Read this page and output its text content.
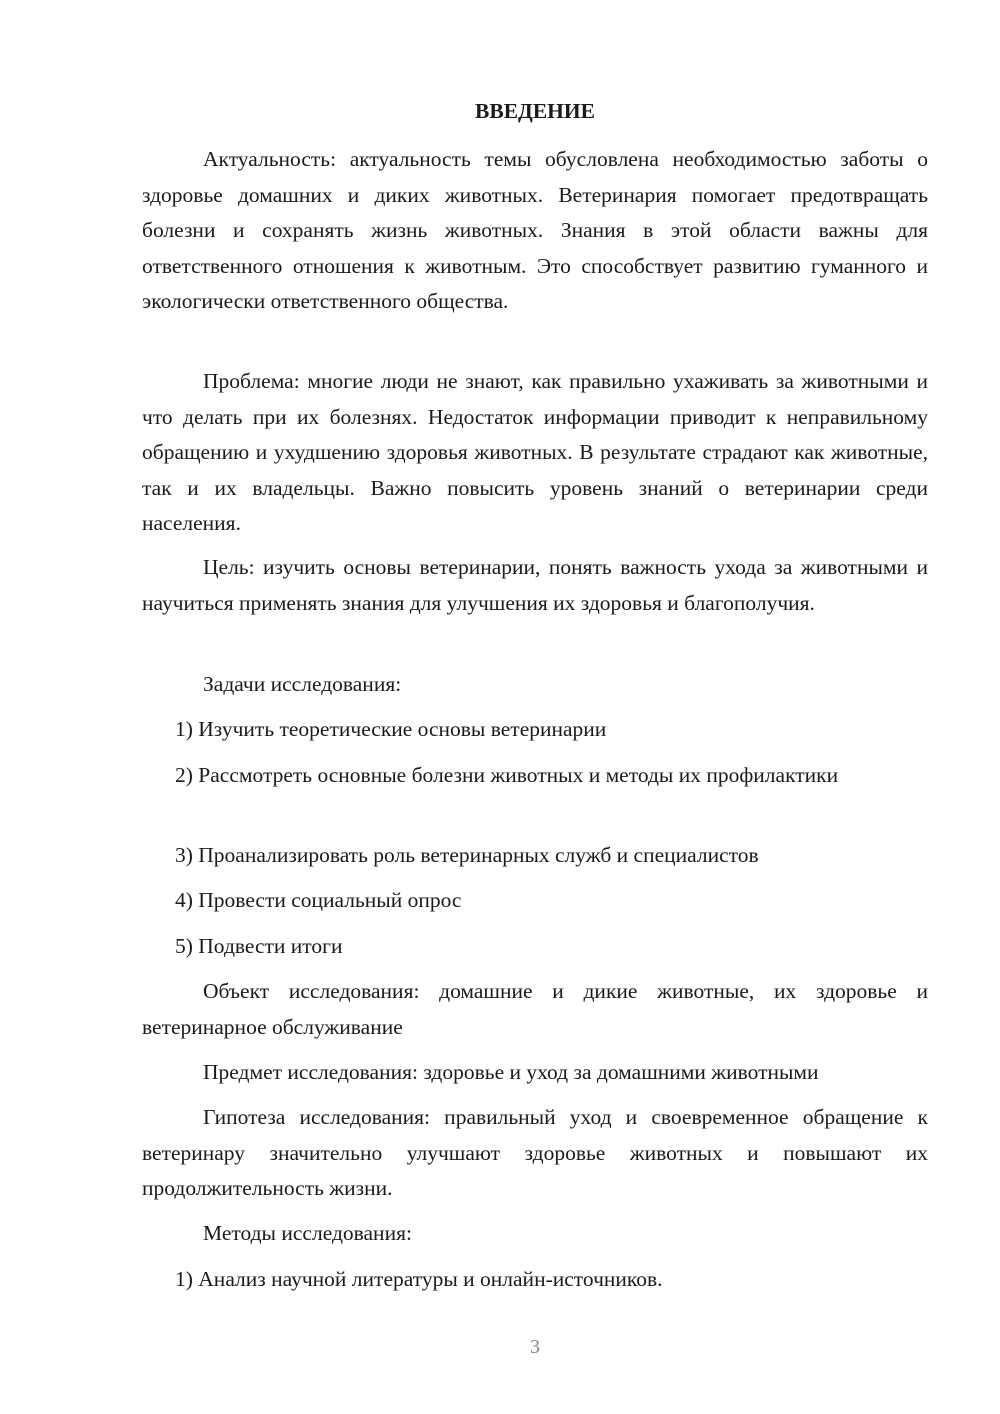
ВВЕДЕНИЕ

Актуальность: актуальность темы обусловлена необходимостью заботы о здоровье домашних и диких животных. Ветеринария помогает предотвращать болезни и сохранять жизнь животных. Знания в этой области важны для ответственного отношения к животным. Это способствует развитию гуманного и экологически ответственного общества.

Проблема: многие люди не знают, как правильно ухаживать за животными и что делать при их болезнях. Недостаток информации приводит к неправильному обращению и ухудшению здоровья животных. В результате страдают как животные, так и их владельцы. Важно повысить уровень знаний о ветеринарии среди населения.

Цель: изучить основы ветеринарии, понять важность ухода за животными и научиться применять знания для улучшения их здоровья и благополучия.

Задачи исследования:

1) Изучить теоретические основы ветеринарии

2) Рассмотреть основные болезни животных и методы их профилактики

3) Проанализировать роль ветеринарных служб и специалистов

4) Провести социальный опрос

5) Подвести итоги

Объект исследования: домашние и дикие животные, их здоровье и ветеринарное обслуживание

Предмет исследования: здоровье и уход за домашними животными

Гипотеза исследования: правильный уход и своевременное обращение к ветеринару значительно улучшают здоровье животных и повышают их продолжительность жизни.

Методы исследования:

1) Анализ научной литературы и онлайн-источников.

3
